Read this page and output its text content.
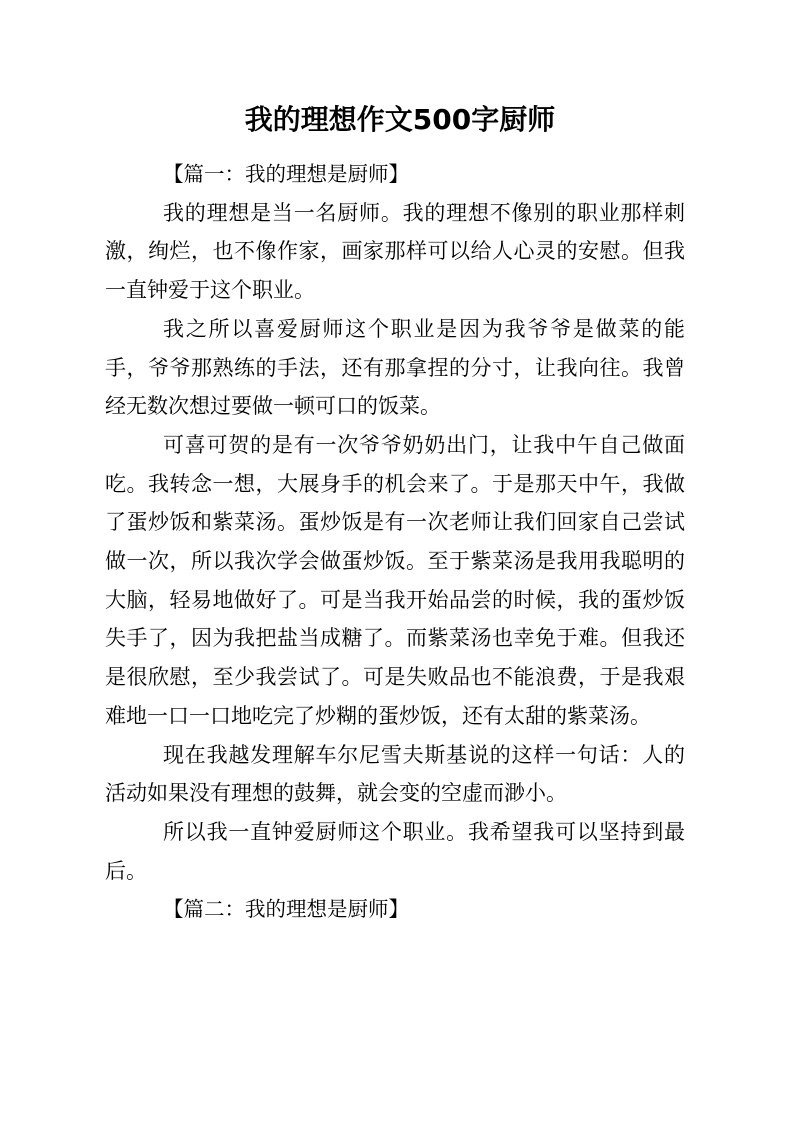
我的理想作文500字厨师

【篇一：我的理想是厨师】

我的理想是当一名厨师。我的理想不像别的职业那样刺激，绚烂，也不像作家，画家那样可以给人心灵的安慰。但我一直钟爱于这个职业。

我之所以喜爱厨师这个职业是因为我爷爷是做菜的能手，爷爷那熟练的手法，还有那拿捏的分寸，让我向往。我曾经无数次想过要做一顿可口的饭菜。

可喜可贺的是有一次爷爷奶奶出门，让我中午自己做面吃。我转念一想，大展身手的机会来了。于是那天中午，我做了蛋炒饭和紫菜汤。蛋炒饭是有一次老师让我们回家自己尝试做一次，所以我次学会做蛋炒饭。至于紫菜汤是我用我聪明的大脑，轻易地做好了。可是当我开始品尝的时候，我的蛋炒饭失手了，因为我把盐当成糖了。而紫菜汤也幸免于难。但我还是很欣慰，至少我尝试了。可是失败品也不能浪费，于是我艰难地一口一口地吃完了炒糊的蛋炒饭，还有太甜的紫菜汤。

现在我越发理解车尔尼雪夫斯基说的这样一句话：人的活动如果没有理想的鼓舞，就会变的空虚而渺小。

所以我一直钟爱厨师这个职业。我希望我可以坚持到最后。

【篇二：我的理想是厨师】
